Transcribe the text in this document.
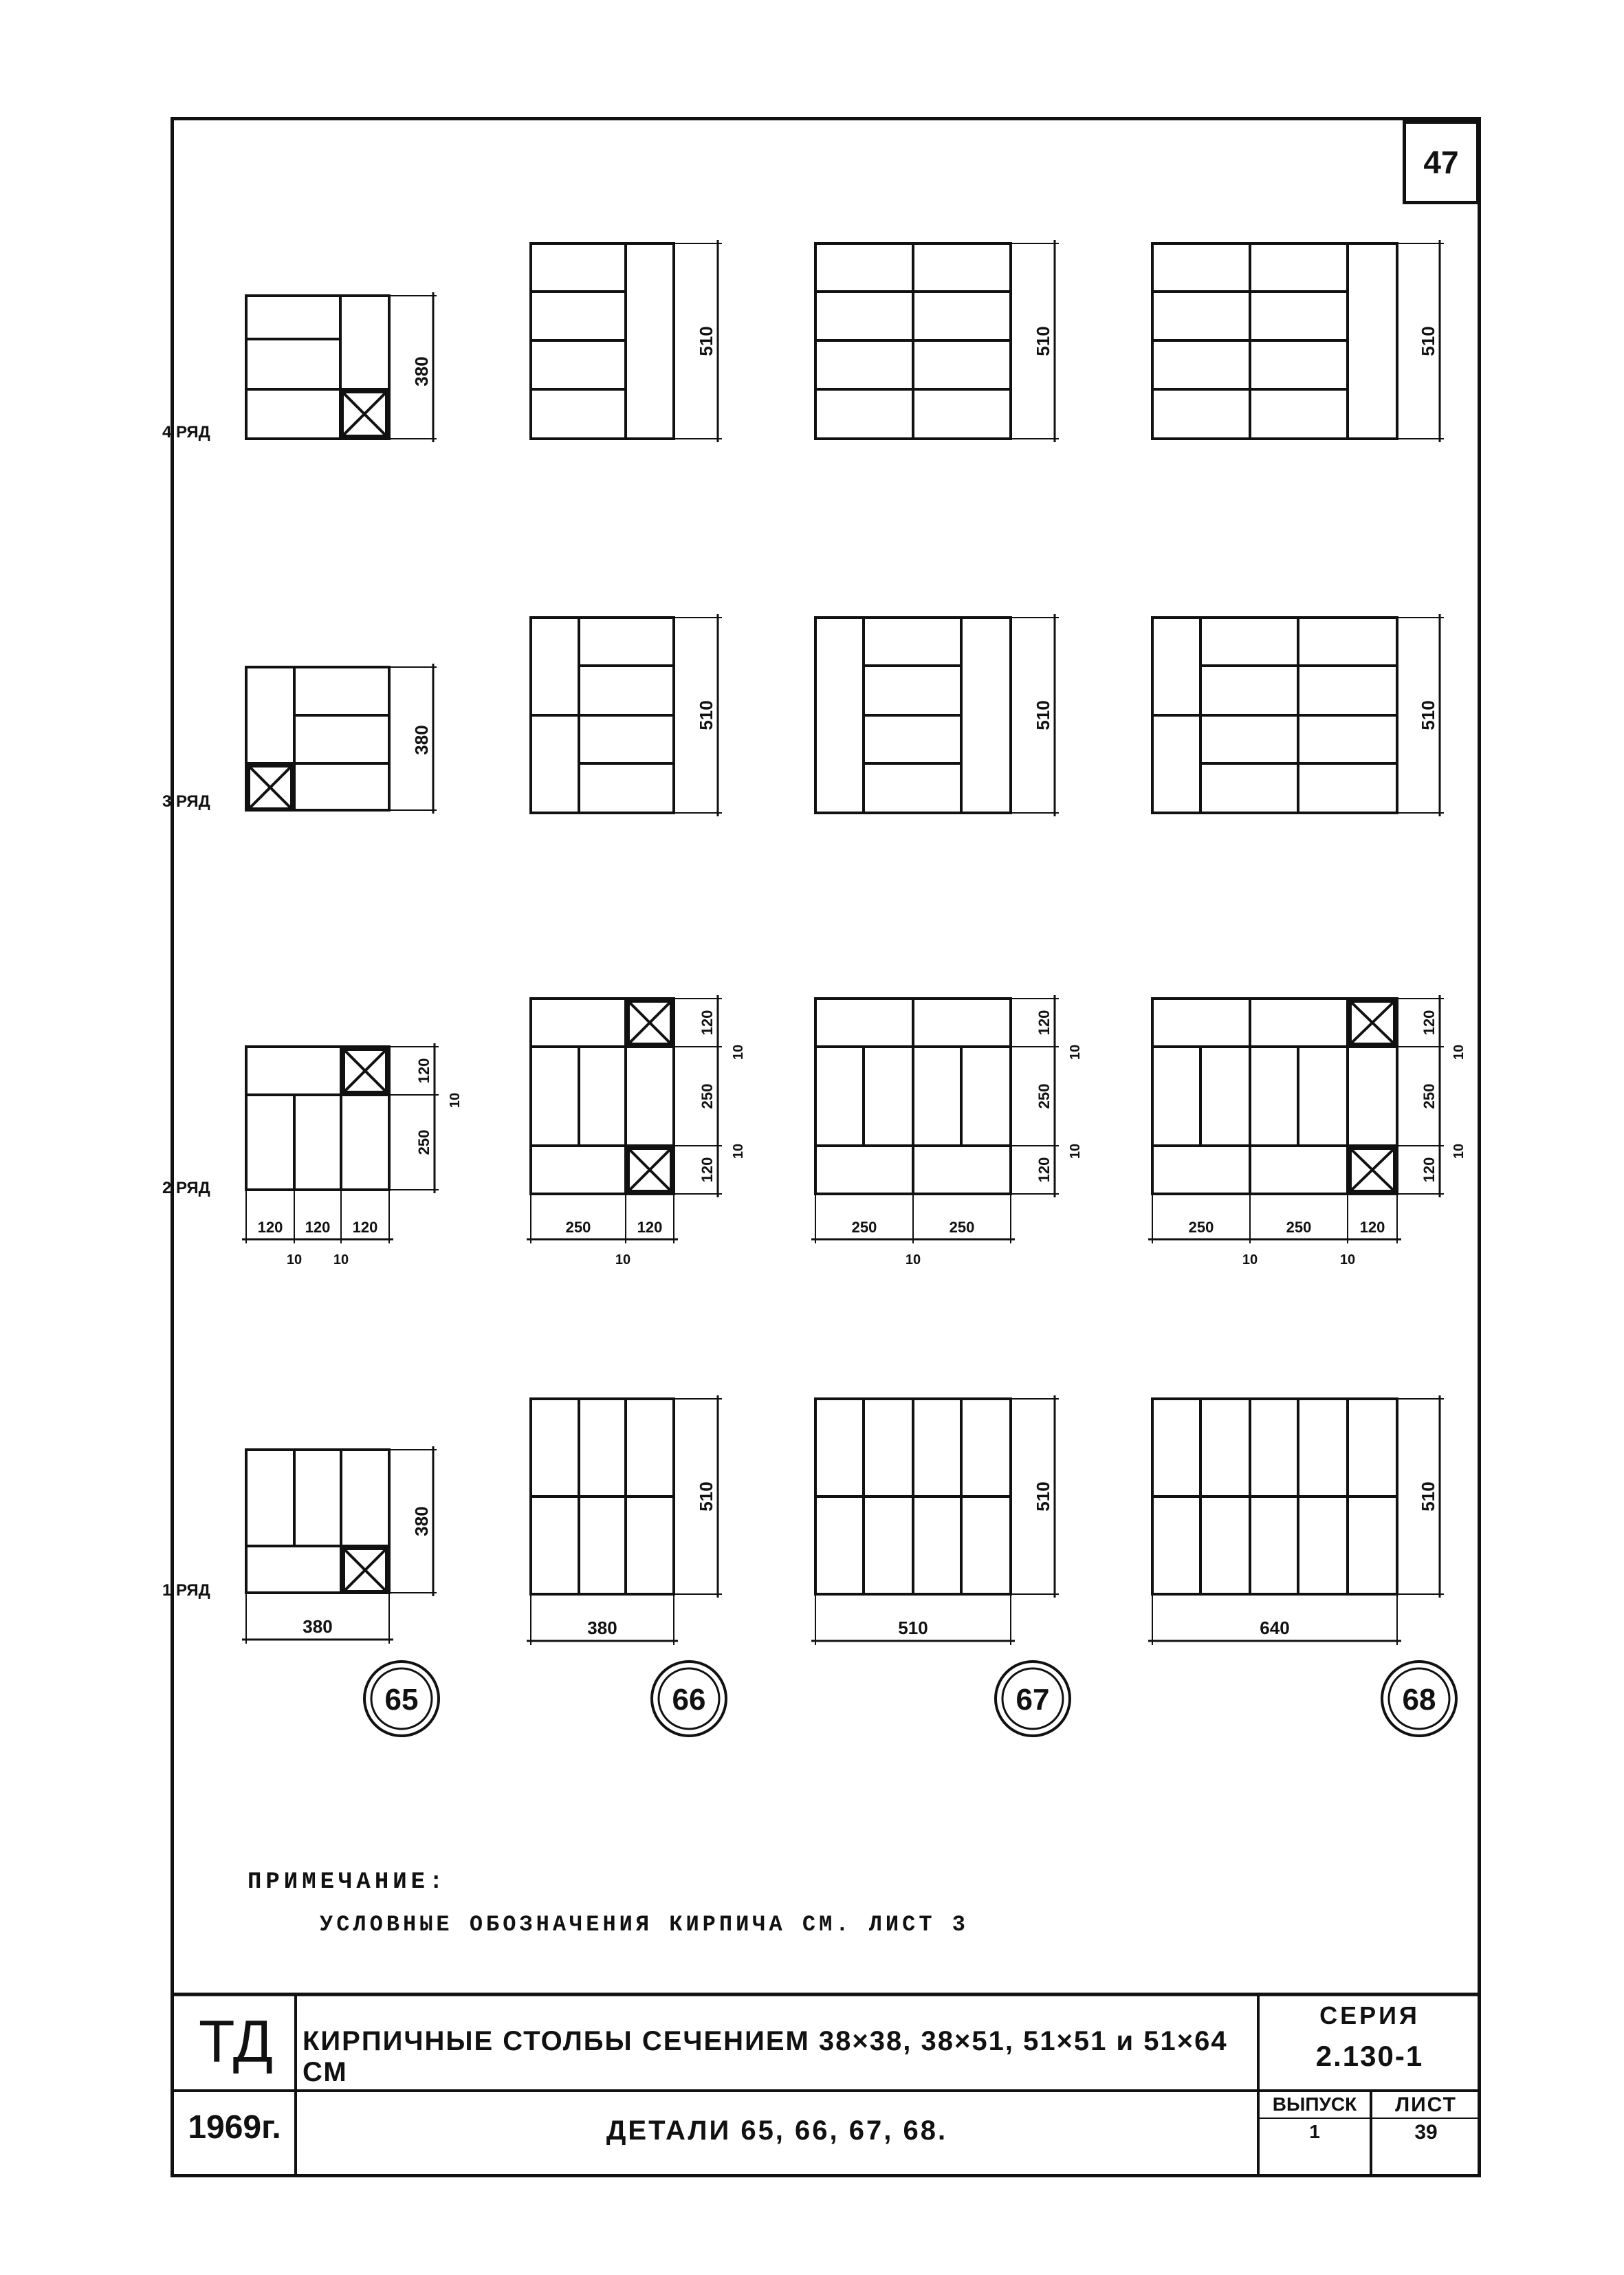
47
4 РЯД
3 РЯД
2 РЯД
1 РЯД
380
380
120
250
10
120 120 120
10 10
380
380
65
510
510
120
250
120
10
10
250	120
10
510
380
66
510
510
120
250
120
10
10
250	250
10
510
510
67
510
510
120
250
120
10
10
250	250	120
10	10
510
640
68
ПРИМЕЧАНИЕ:
УСЛОВНЫЕ ОБОЗНАЧЕНИЯ КИРПИЧА СМ. ЛИСТ 3
ТД
1969г.
КИРПИЧНЫЕ СТОЛБЫ СЕЧЕНИЕМ 38×38, 38×51, 51×51 и 51×64 СМ
ДЕТАЛИ 65, 66, 67, 68.
СЕРИЯ
2.130-1
ВЫПУСК
1
ЛИСТ
39
